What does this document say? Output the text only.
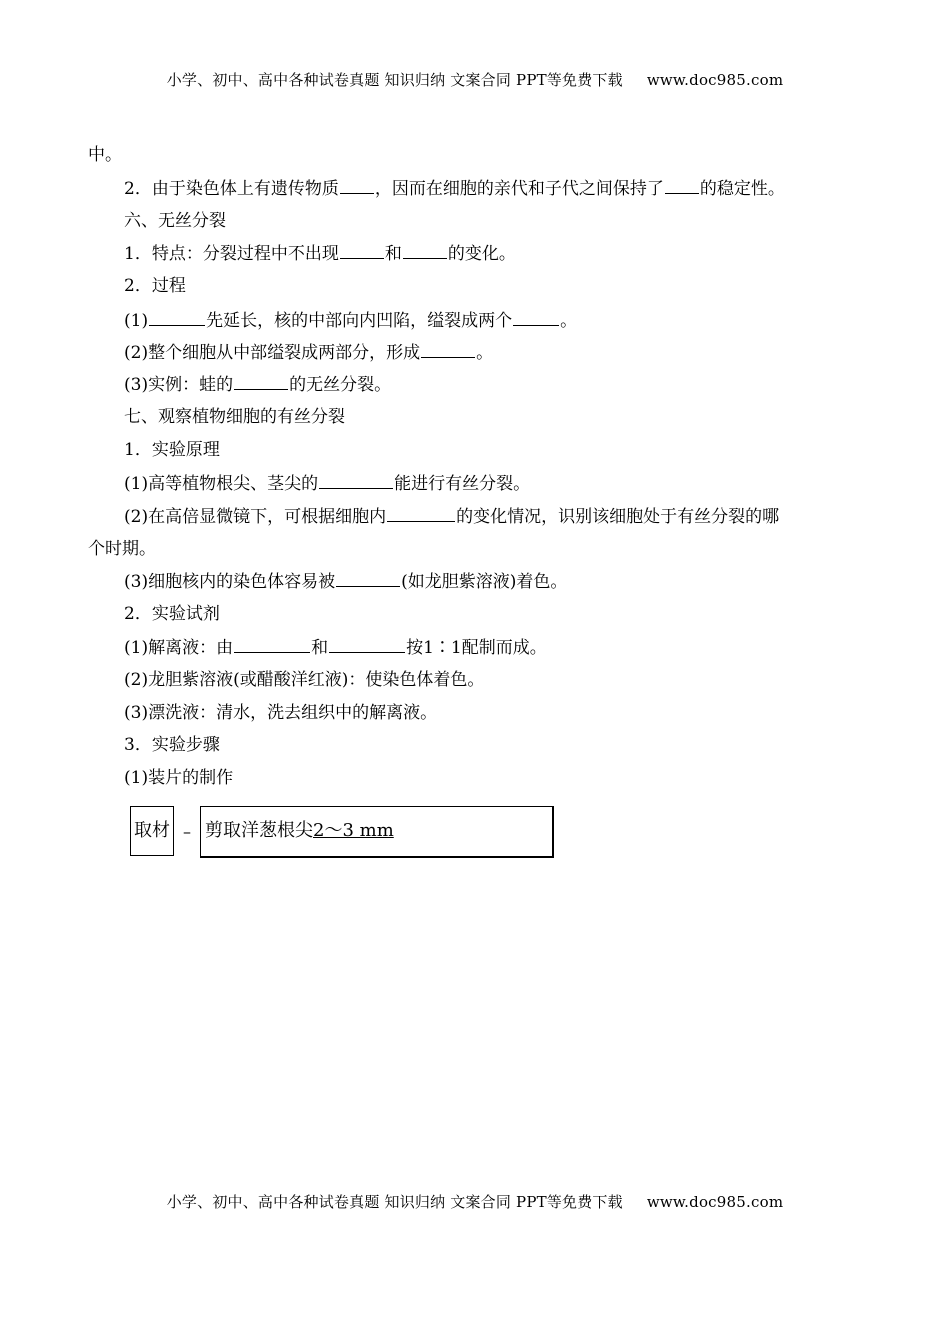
小学、初中、高中各种试卷真题 知识归纳 文案合同 PPT等免费下载 www.doc985.com
中。
2．由于染色体上有遗传物质 ，因而在细胞的亲代和子代之间保持了 的稳定性。
六、无丝分裂
1．特点：分裂过程中不出现	和	的变化。
2．过程
(1)	先延长，核的中部向内凹陷，缢裂成两个	。
(2)整个细胞从中部缢裂成两部分，形成	。
(3)实例：蛙的	的无丝分裂。
七、观察植物细胞的有丝分裂
1．实验原理
(1)高等植物根尖、茎尖的	能进行有丝分裂。
(2)在高倍显微镜下，可根据细胞内	的变化情况，识别该细胞处于有丝分裂的哪
个时期。
(3)细胞核内的染色体容易被	(如龙胆紫溶液)着色。
2．实验试剂
(1)解离液：由	和	按1∶1配制而成。
(2)龙胆紫溶液(或醋酸洋红液)：使染色体着色。
(3)漂洗液：清水，洗去组织中的解离液。
3．实验步骤
(1)装片的制作
取材 – 剪取洋葱根尖2～3 mm
小学、初中、高中各种试卷真题 知识归纳 文案合同 PPT等免费下载 www.doc985.com
